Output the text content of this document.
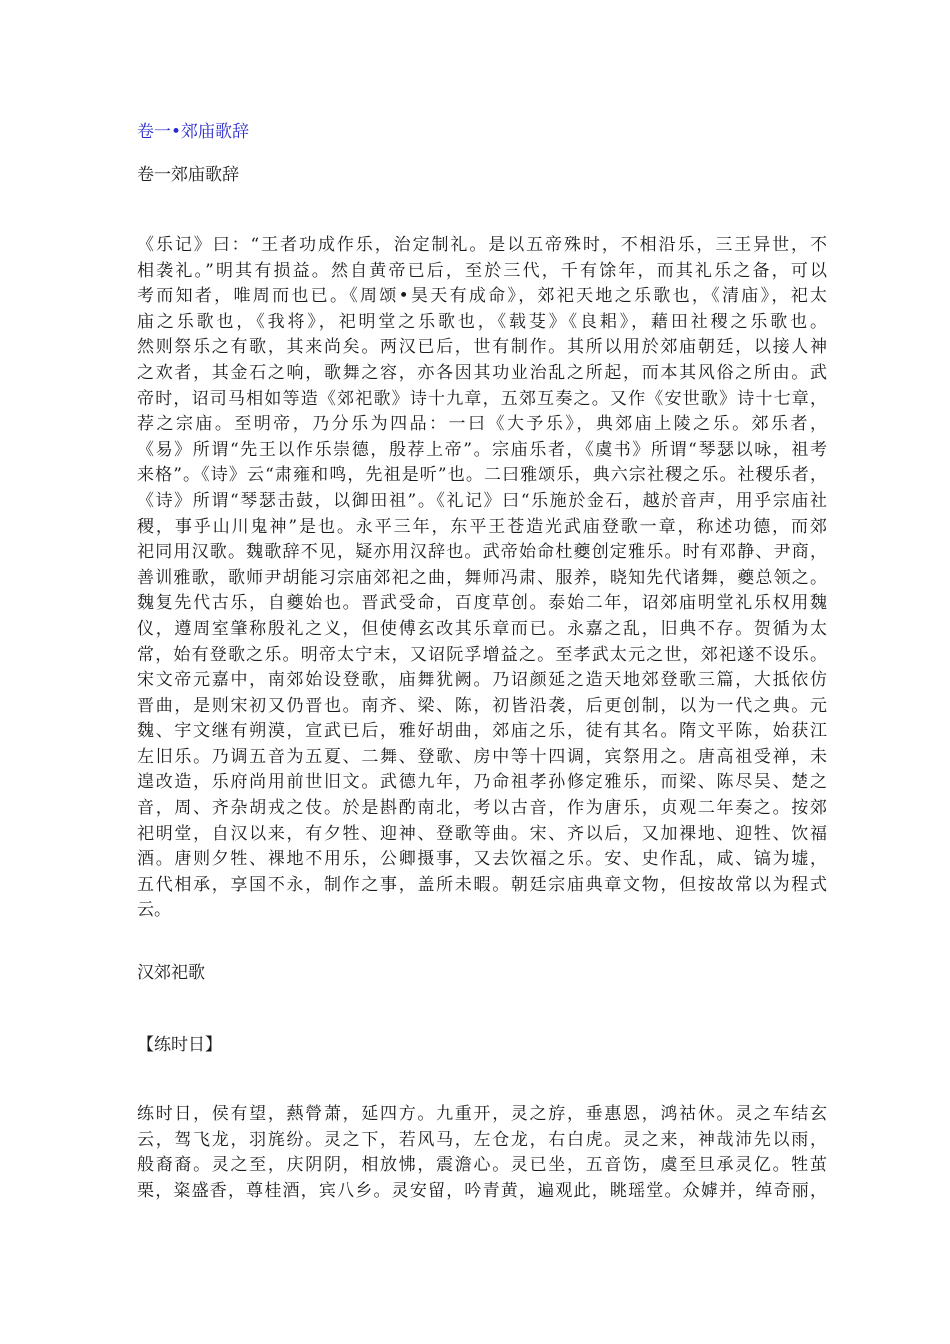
卷一•郊庙歌辞
卷一郊庙歌辞
《乐记》曰：“王者功成作乐，治定制礼。是以五帝殊时，不相沿乐，三王异世，不
相袭礼。”明其有损益。然自黄帝已后，至於三代，千有馀年，而其礼乐之备，可以
考而知者，唯周而也已。《周颂•昊天有成命》，郊祀天地之乐歌也，《清庙》，祀太
庙之乐歌也，《我将》，祀明堂之乐歌也，《载芟》《良耜》，藉田社稷之乐歌也。
然则祭乐之有歌，其来尚矣。两汉已后，世有制作。其所以用於郊庙朝廷，以接人神
之欢者，其金石之响，歌舞之容，亦各因其功业治乱之所起，而本其风俗之所由。武
帝时，诏司马相如等造《郊祀歌》诗十九章，五郊互奏之。又作《安世歌》诗十七章，
荐之宗庙。至明帝，乃分乐为四品：一曰《大予乐》，典郊庙上陵之乐。郊乐者，
《易》所谓“先王以作乐崇德，殷荐上帝”。宗庙乐者，《虞书》所谓“琴瑟以咏，祖考
来格”。《诗》云“肃雍和鸣，先祖是听”也。二曰雅颂乐，典六宗社稷之乐。社稷乐者，
《诗》所谓“琴瑟击鼓，以御田祖”。《礼记》曰“乐施於金石，越於音声，用乎宗庙社
稷，事乎山川鬼神”是也。永平三年，东平王苍造光武庙登歌一章，称述功德，而郊
祀同用汉歌。魏歌辞不见，疑亦用汉辞也。武帝始命杜夔创定雅乐。时有邓静、尹商，
善训雅歌，歌师尹胡能习宗庙郊祀之曲，舞师冯肃、服养，晓知先代诸舞，夔总领之。
魏复先代古乐，自夔始也。晋武受命，百度草创。泰始二年，诏郊庙明堂礼乐权用魏
仪，遵周室肇称殷礼之义，但使傅玄改其乐章而已。永嘉之乱，旧典不存。贺循为太
常，始有登歌之乐。明帝太宁末，又诏阮孚增益之。至孝武太元之世，郊祀遂不设乐。
宋文帝元嘉中，南郊始设登歌，庙舞犹阙。乃诏颜延之造天地郊登歌三篇，大抵依仿
晋曲，是则宋初又仍晋也。南齐、梁、陈，初皆沿袭，后更创制，以为一代之典。元
魏、宇文继有朔漠，宣武已后，雅好胡曲，郊庙之乐，徒有其名。隋文平陈，始获江
左旧乐。乃调五音为五夏、二舞、登歌、房中等十四调，宾祭用之。唐高祖受禅，未
遑改造，乐府尚用前世旧文。武德九年，乃命祖孝孙修定雅乐，而梁、陈尽吴、楚之
音，周、齐杂胡戎之伎。於是斟酌南北，考以古音，作为唐乐，贞观二年奏之。按郊
祀明堂，自汉以来，有夕牲、迎神、登歌等曲。宋、齐以后，又加祼地、迎牲、饮福
酒。唐则夕牲、祼地不用乐，公卿摄事，又去饮福之乐。安、史作乱，咸、镐为墟，
五代相承，享国不永，制作之事，盖所未暇。朝廷宗庙典章文物，但按故常以为程式
云。
汉郊祀歌
【练时日】
练时日，侯有望，爇膋萧，延四方。九重开，灵之斿，垂惠恩，鸿祜休。灵之车结玄
云，驾飞龙，羽旄纷。灵之下，若风马，左仓龙，右白虎。灵之来，神哉沛先以雨，
般裔裔。灵之至，庆阴阴，相放怫，震澹心。灵已坐，五音饬，虞至旦承灵亿。牲茧
栗，粢盛香，尊桂酒，宾八乡。灵安留，吟青黄，遍观此，眺瑶堂。众嫭并，绰奇丽，
